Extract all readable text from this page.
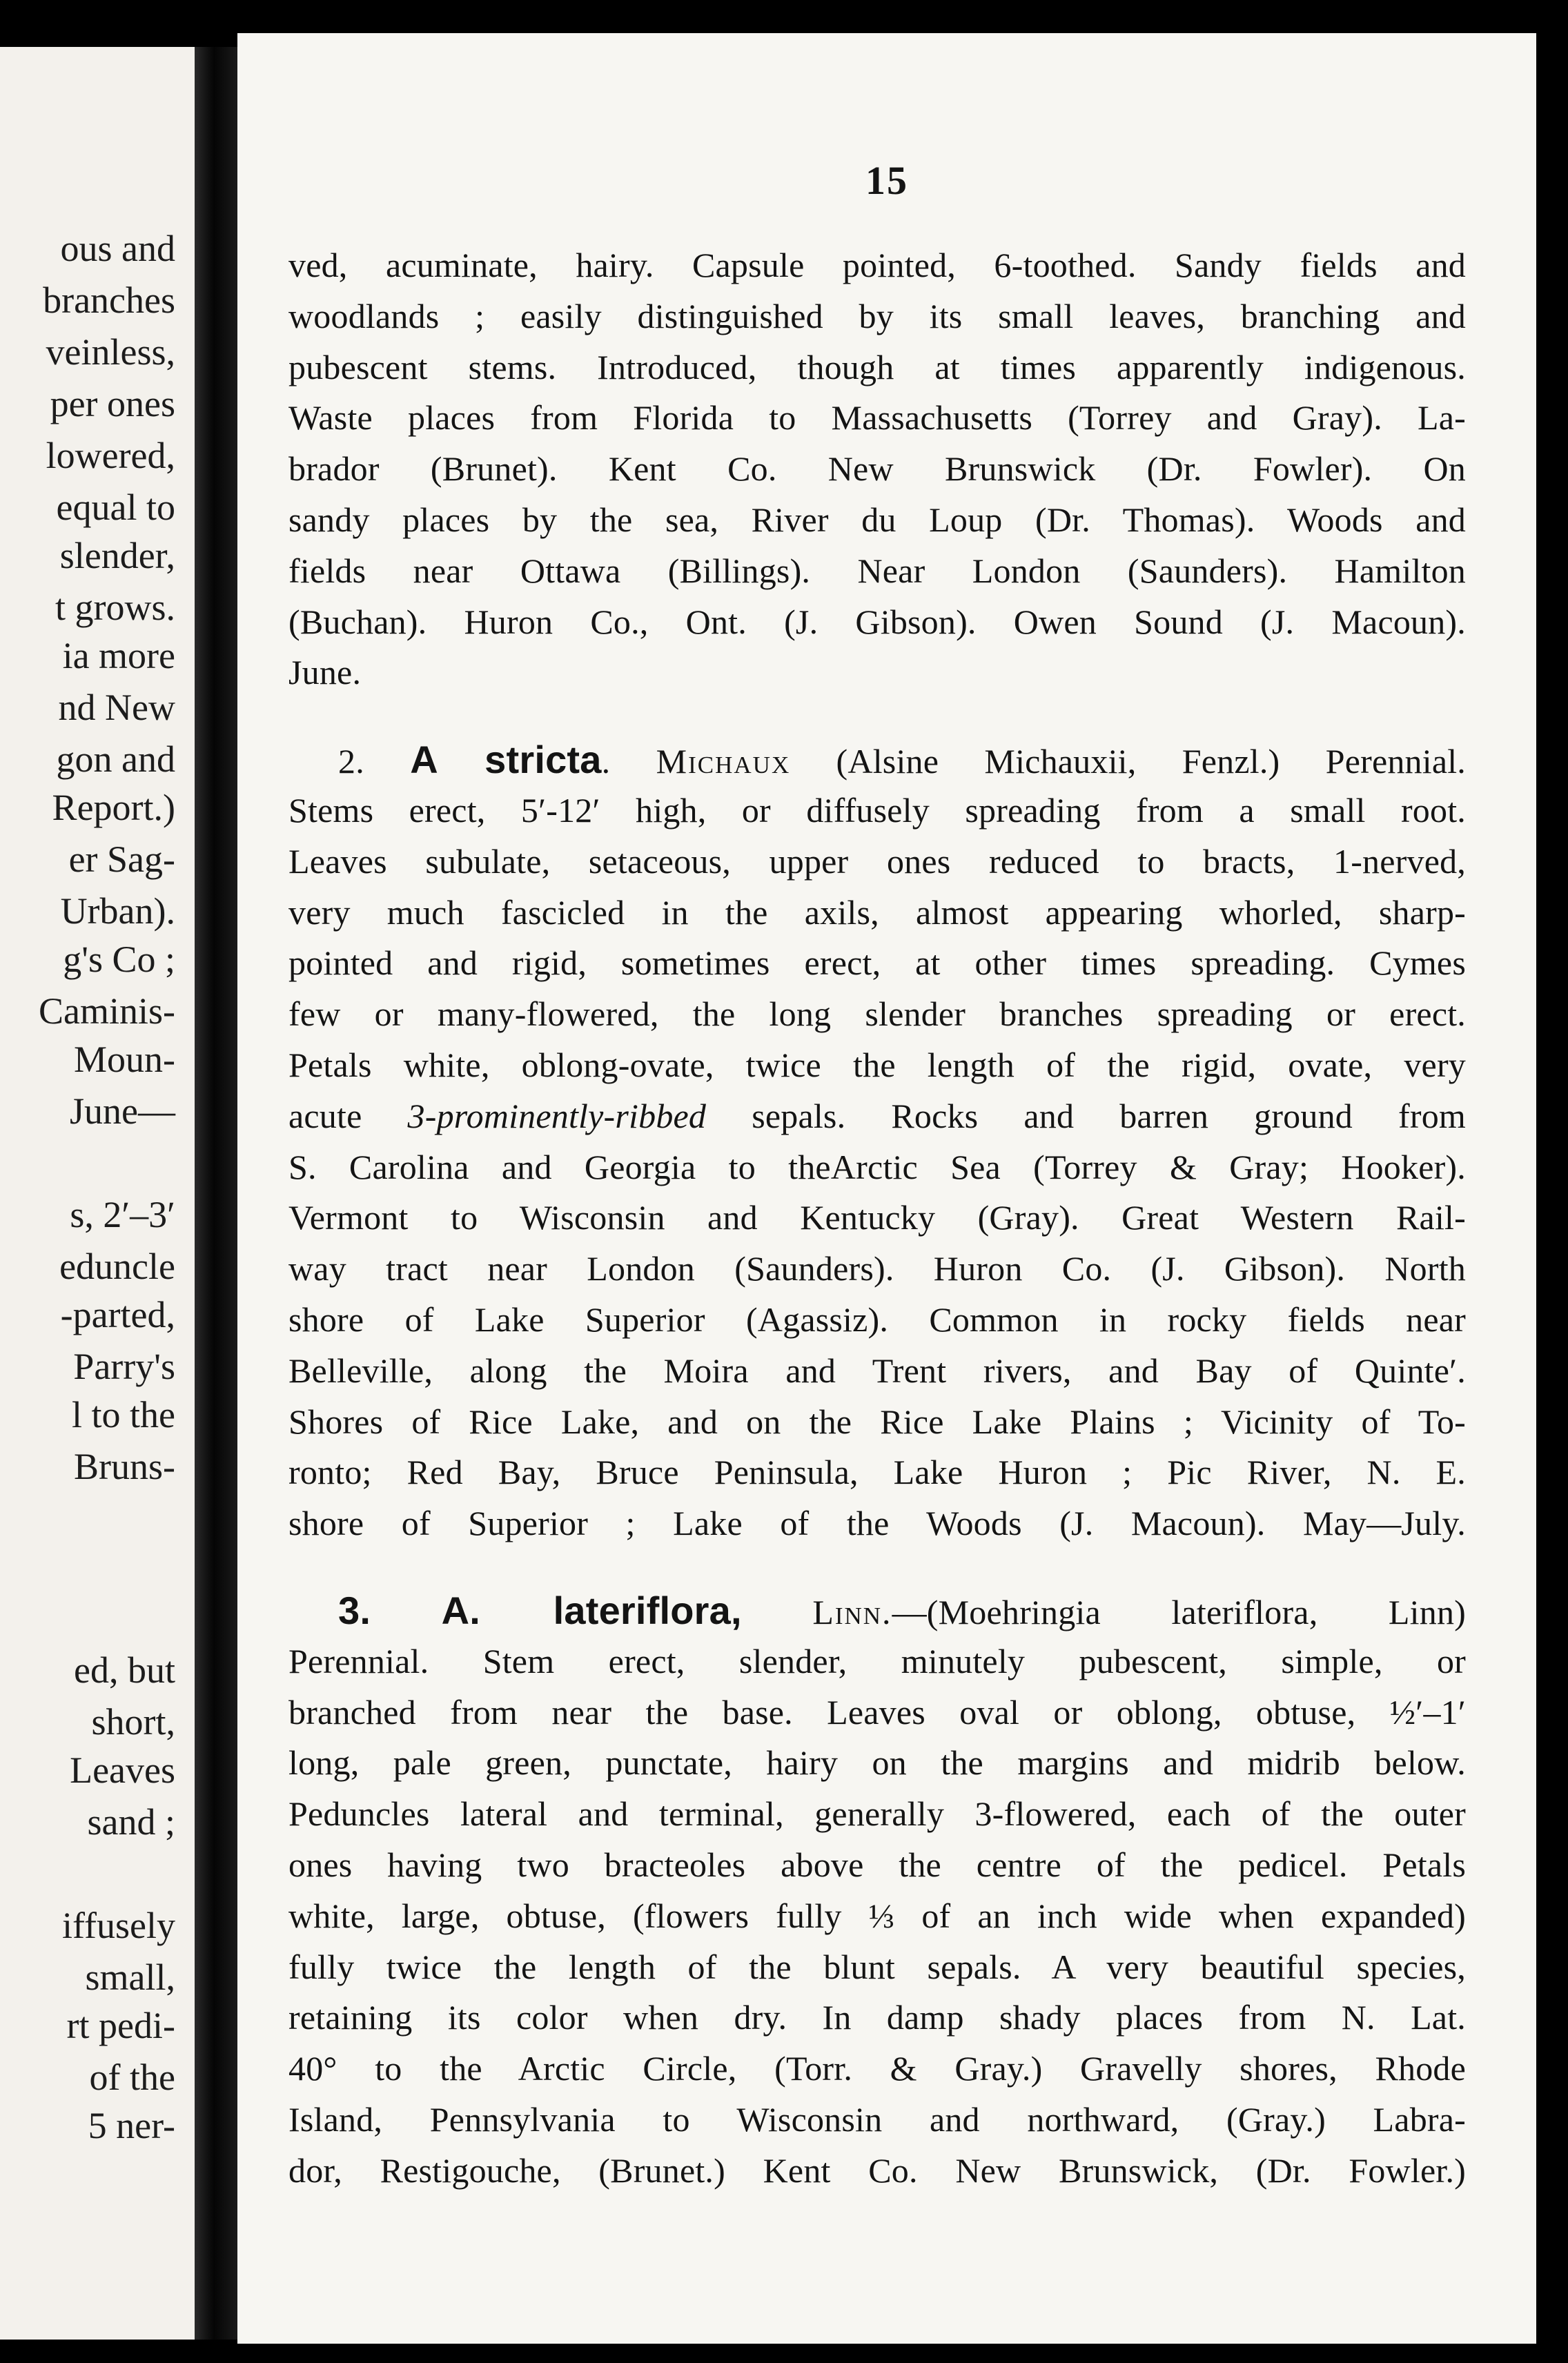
ous and
branches
veinless,
per ones
lowered,
equal to
slender,
t grows.
ia more
nd New
gon and
Report.)
er Sag-
Urban).
g's Co ;
Caminis-
Moun-
June—
s, 2′–3′
eduncle
-parted,
Parry's
l to the
Bruns-
ed, but
short,
Leaves
sand ;
iffusely
small,
rt pedi-
of the
5 ner-
15
ved, acuminate, hairy. Capsule pointed, 6-toothed. Sandy fields and
woodlands ; easily distinguished by its small leaves, branching and
pubescent stems. Introduced, though at times apparently indigenous.
Waste places from Florida to Massachusetts (Torrey and Gray). La-
brador (Brunet). Kent Co. New Brunswick (Dr. Fowler). On
sandy places by the sea, River du Loup (Dr. Thomas). Woods and
fields near Ottawa (Billings). Near London (Saunders). Hamilton
(Buchan). Huron Co., Ont. (J. Gibson). Owen Sound (J. Macoun).
June.
2. A stricta. Michaux (Alsine Michauxii, Fenzl.) Perennial.
Stems erect, 5′-12′ high, or diffusely spreading from a small root.
Leaves subulate, setaceous, upper ones reduced to bracts, 1-nerved,
very much fascicled in the axils, almost appearing whorled, sharp-
pointed and rigid, sometimes erect, at other times spreading. Cymes
few or many-flowered, the long slender branches spreading or erect.
Petals white, oblong-ovate, twice the length of the rigid, ovate, very
acute 3-prominently-ribbed sepals. Rocks and barren ground from
S. Carolina and Georgia to theArctic Sea (Torrey & Gray; Hooker).
Vermont to Wisconsin and Kentucky (Gray). Great Western Rail-
way tract near London (Saunders). Huron Co. (J. Gibson). North
shore of Lake Superior (Agassiz). Common in rocky fields near
Belleville, along the Moira and Trent rivers, and Bay of Quinte′.
Shores of Rice Lake, and on the Rice Lake Plains ; Vicinity of To-
ronto; Red Bay, Bruce Peninsula, Lake Huron ; Pic River, N. E.
shore of Superior ; Lake of the Woods (J. Macoun). May—July.
3. A. lateriflora, Linn.—(Moehringia lateriflora, Linn)
Perennial. Stem erect, slender, minutely pubescent, simple, or
branched from near the base. Leaves oval or oblong, obtuse, ½′–1′
long, pale green, punctate, hairy on the margins and midrib below.
Peduncles lateral and terminal, generally 3-flowered, each of the outer
ones having two bracteoles above the centre of the pedicel. Petals
white, large, obtuse, (flowers fully ⅓ of an inch wide when expanded)
fully twice the length of the blunt sepals. A very beautiful species,
retaining its color when dry. In damp shady places from N. Lat.
40° to the Arctic Circle, (Torr. & Gray.) Gravelly shores, Rhode
Island, Pennsylvania to Wisconsin and northward, (Gray.) Labra-
dor, Restigouche, (Brunet.) Kent Co. New Brunswick, (Dr. Fowler.)
